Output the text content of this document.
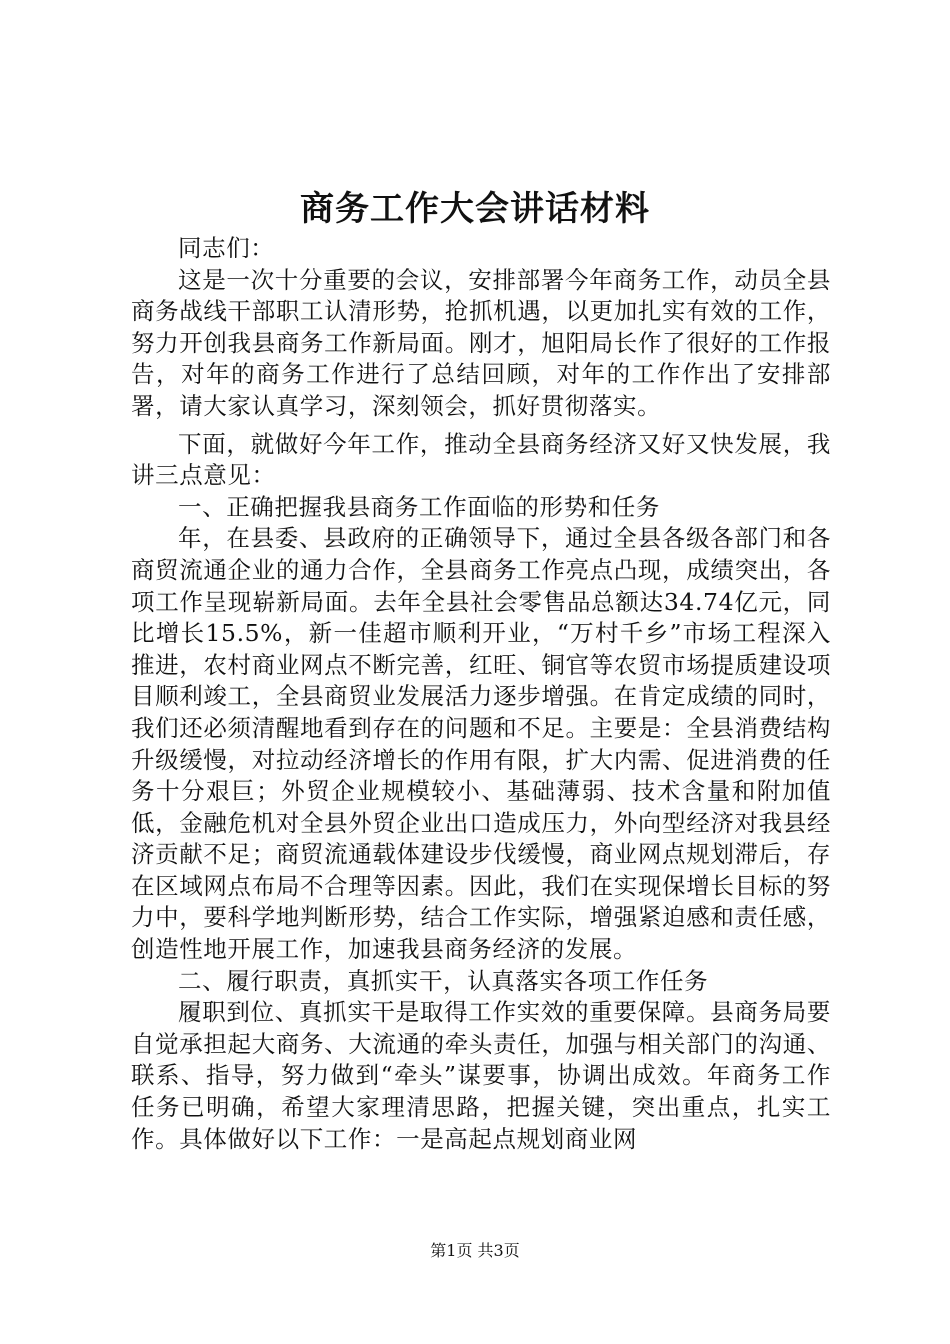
商务工作大会讲话材料

同志们：

这是一次十分重要的会议，安排部署今年商务工作，动员全县商务战线干部职工认清形势，抢抓机遇，以更加扎实有效的工作，努力开创我县商务工作新局面。刚才，旭阳局长作了很好的工作报告，对年的商务工作进行了总结回顾，对年的工作作出了安排部署，请大家认真学习，深刻领会，抓好贯彻落实。

下面，就做好今年工作，推动全县商务经济又好又快发展，我讲三点意见：

一、正确把握我县商务工作面临的形势和任务

年，在县委、县政府的正确领导下，通过全县各级各部门和各商贸流通企业的通力合作，全县商务工作亮点凸现，成绩突出，各项工作呈现崭新局面。去年全县社会零售品总额达34.74亿元，同比增长15.5%，新一佳超市顺利开业，“万村千乡”市场工程深入推进，农村商业网点不断完善，红旺、铜官等农贸市场提质建设项目顺利竣工，全县商贸业发展活力逐步增强。在肯定成绩的同时，我们还必须清醒地看到存在的问题和不足。主要是：全县消费结构升级缓慢，对拉动经济增长的作用有限，扩大内需、促进消费的任务十分艰巨；外贸企业规模较小、基础薄弱、技术含量和附加值低，金融危机对全县外贸企业出口造成压力，外向型经济对我县经济贡献不足；商贸流通载体建设步伐缓慢，商业网点规划滞后，存在区域网点布局不合理等因素。因此，我们在实现保增长目标的努力中，要科学地判断形势，结合工作实际，增强紧迫感和责任感，创造性地开展工作，加速我县商务经济的发展。

二、履行职责，真抓实干，认真落实各项工作任务

履职到位、真抓实干是取得工作实效的重要保障。县商务局要自觉承担起大商务、大流通的牵头责任，加强与相关部门的沟通、联系、指导，努力做到“牵头”谋要事，协调出成效。年商务工作任务已明确，希望大家理清思路，把握关键，突出重点，扎实工作。具体做好以下工作：一是高起点规划商业网

第1页 共3页
